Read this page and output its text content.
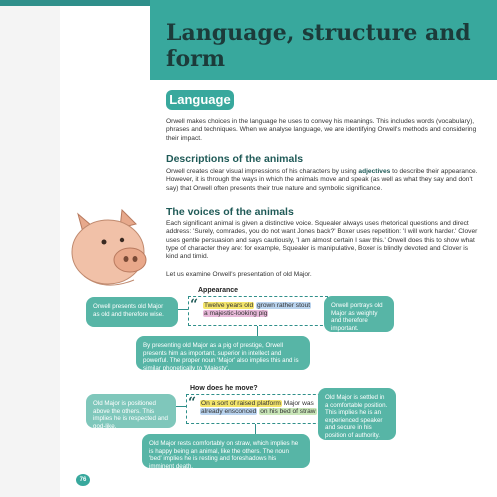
Language, structure and form
Language
Orwell makes choices in the language he uses to convey his meanings. This includes words (vocabulary), phrases and techniques. When we analyse language, we are identifying Orwell's methods and considering their impact.
Descriptions of the animals
Orwell creates clear visual impressions of his characters by using adjectives to describe their appearance. However, it is through the ways in which the animals move and speak (as well as what they say and don't say) that Orwell often presents their true nature and symbolic significance.
The voices of the animals
Each significant animal is given a distinctive voice. Squealer always uses rhetorical questions and direct address: 'Surely, comrades, you do not want Jones back?' Boxer uses repetition: 'I will work harder.' Clover uses gentle persuasion and says cautiously, 'I am almost certain I saw this.' Orwell does this to show what type of character they are: for example, Squealer is manipulative, Boxer is blindly devoted and Clover is kind and timid.
Let us examine Orwell's presentation of old Major.
Appearance
“ Twelve years old grown rather stout
a majestic-looking pig
Orwell presents old Major as old and therefore wise.
Orwell portrays old Major as weighty and therefore important.
By presenting old Major as a pig of prestige, Orwell presents him as important, superior in intellect and powerful. The proper noun 'Major' also implies this and is similar phonetically to 'Majesty'.
How does he move?
“ On a sort of raised platform Major was
already ensconced on his bed of straw
Old Major is positioned above the others. This implies he is respected and god-like.
Old Major is settled in a comfortable position. This implies he is an experienced speaker and secure in his position of authority.
Old Major rests comfortably on straw, which implies he is happy being an animal, like the others. The noun 'bed' implies he is resting and foreshadows his imminent death.
76
